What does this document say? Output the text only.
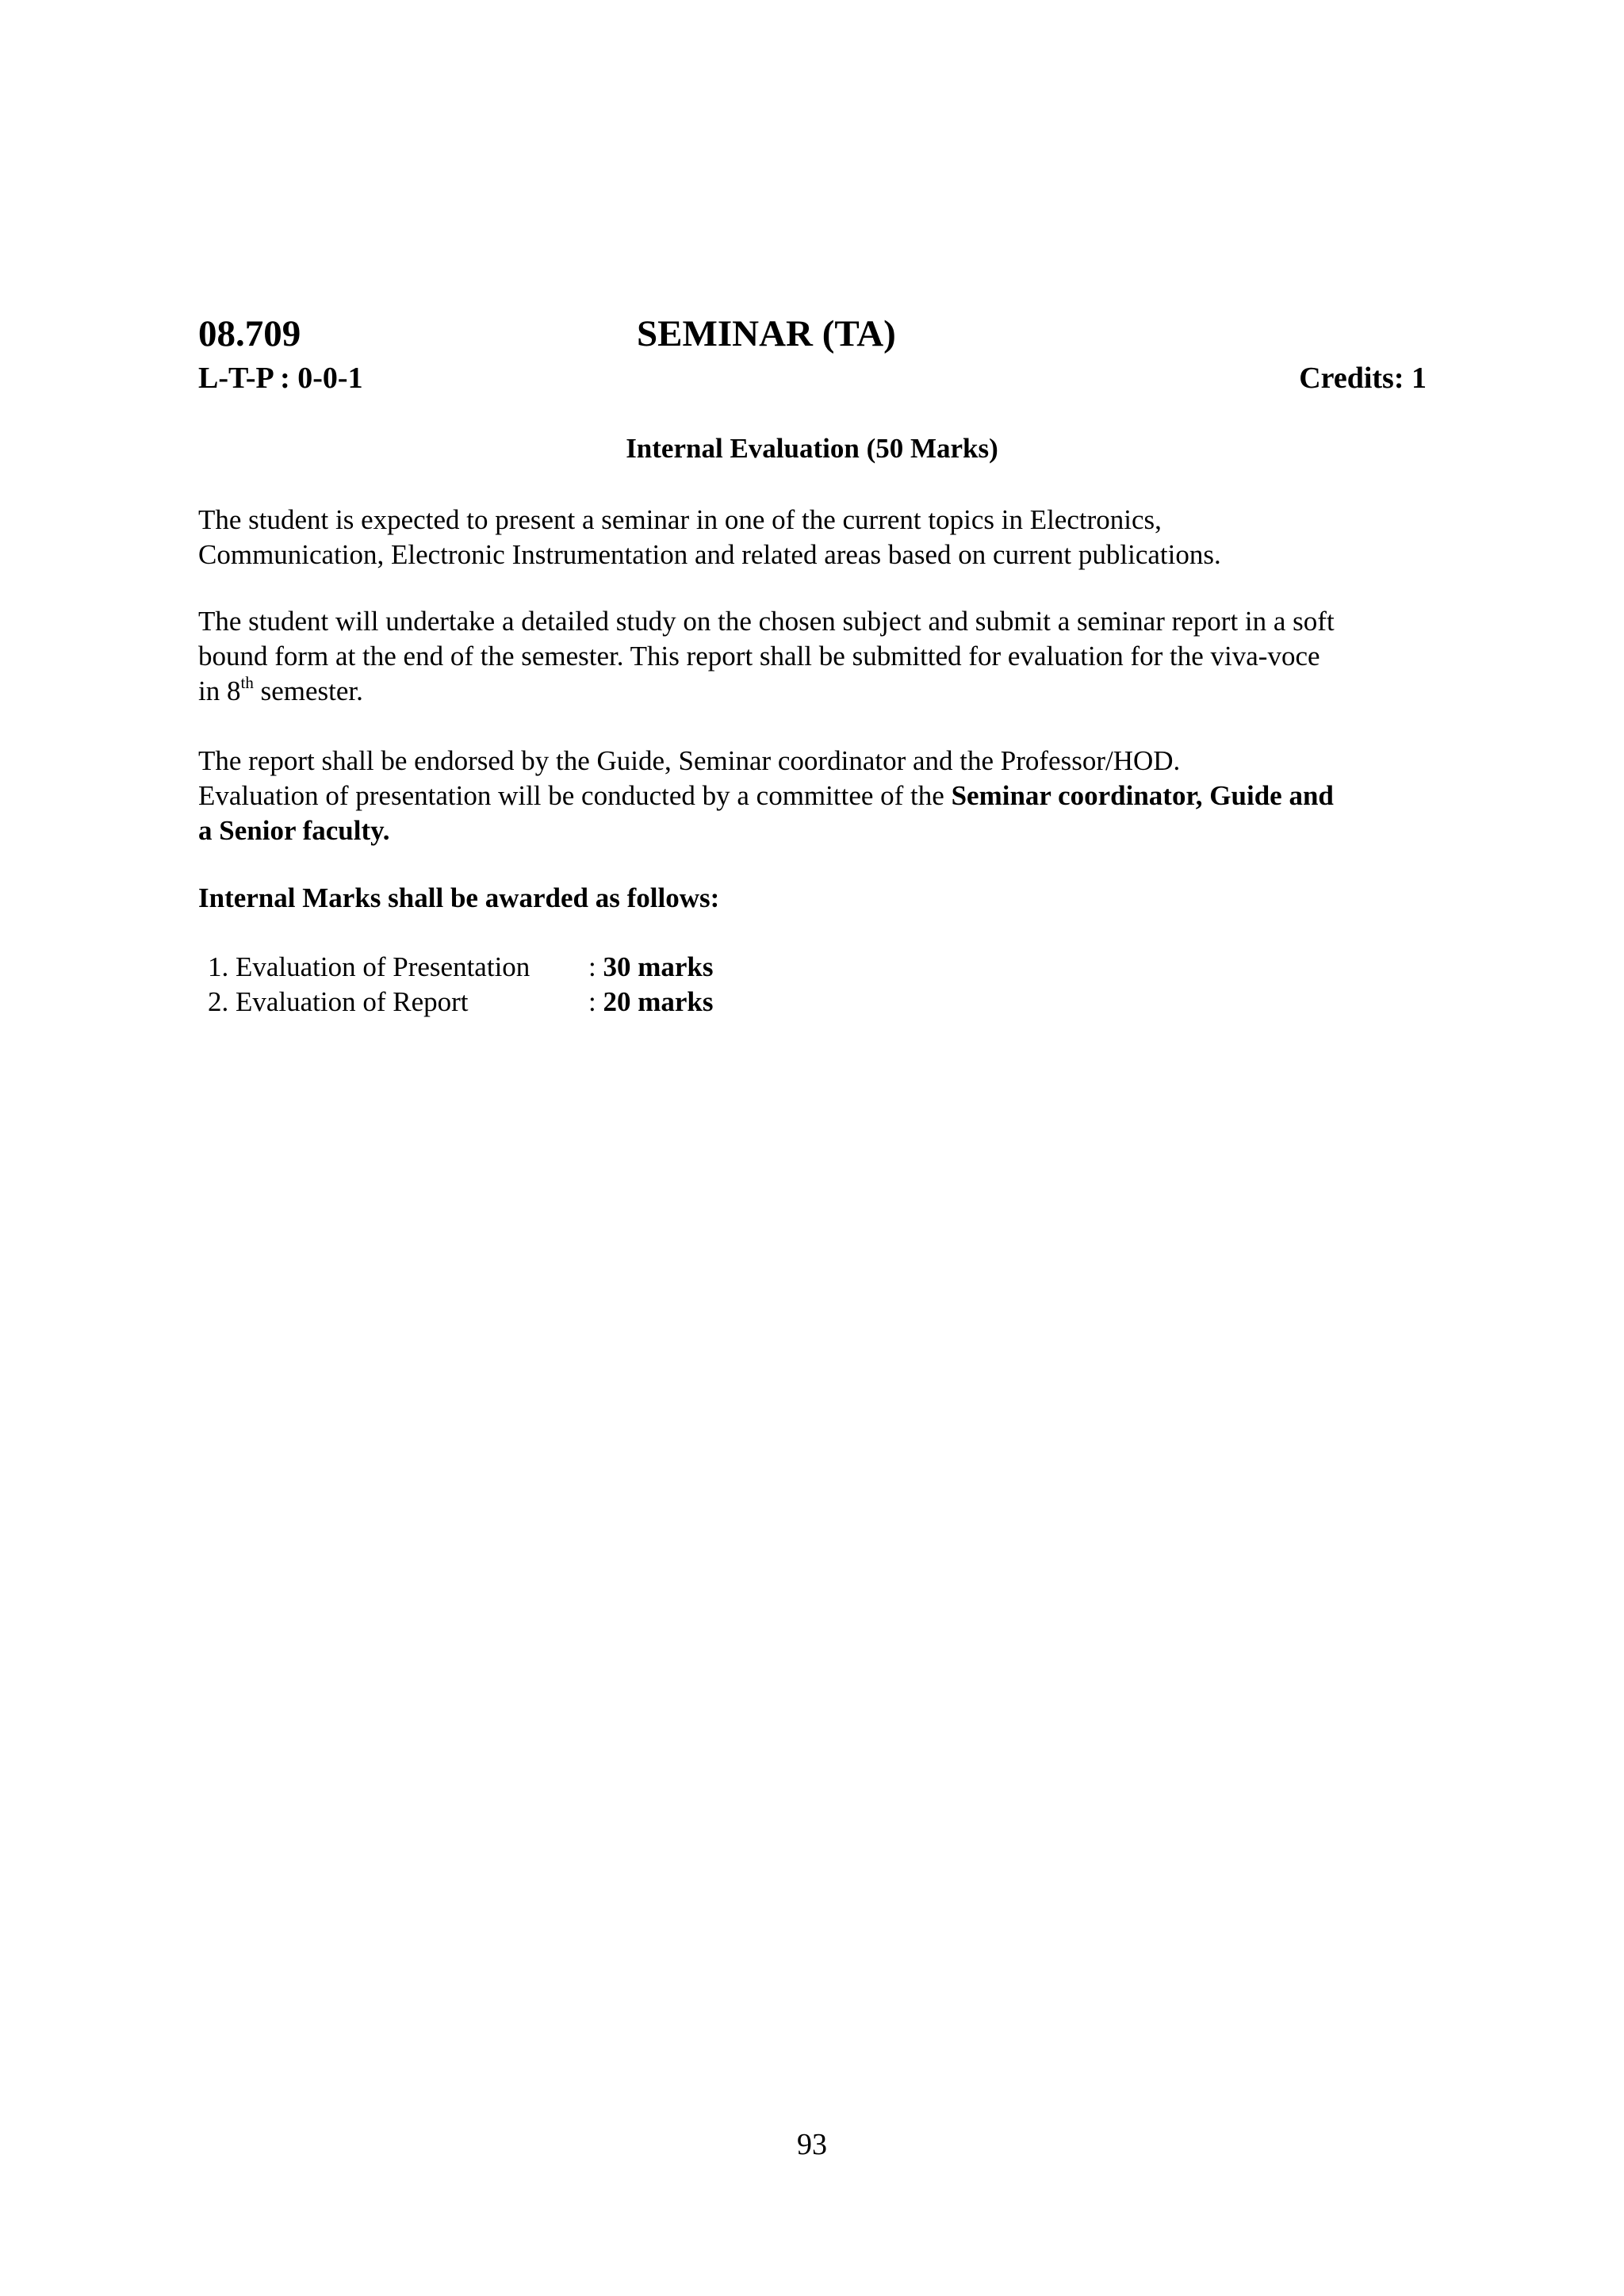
08.709	SEMINAR (TA)
L-T-P : 0-0-1	Credits: 1
Internal Evaluation (50 Marks)
The student is expected to present a seminar in one of the current topics in Electronics,
Communication, Electronic Instrumentation and related areas based on current publications.
The student will undertake a detailed study on the chosen subject and submit a seminar report in a soft
bound form at the end of the semester. This report shall be submitted for evaluation for the viva-voce
in 8th semester.
The report shall be endorsed by the Guide, Seminar coordinator and the Professor/HOD.
Evaluation of presentation will be conducted by a committee of the Seminar coordinator, Guide and
a Senior faculty.
Internal Marks shall be awarded as follows:
1. Evaluation of Presentation : 30 marks
2. Evaluation of Report	: 20 marks
93
